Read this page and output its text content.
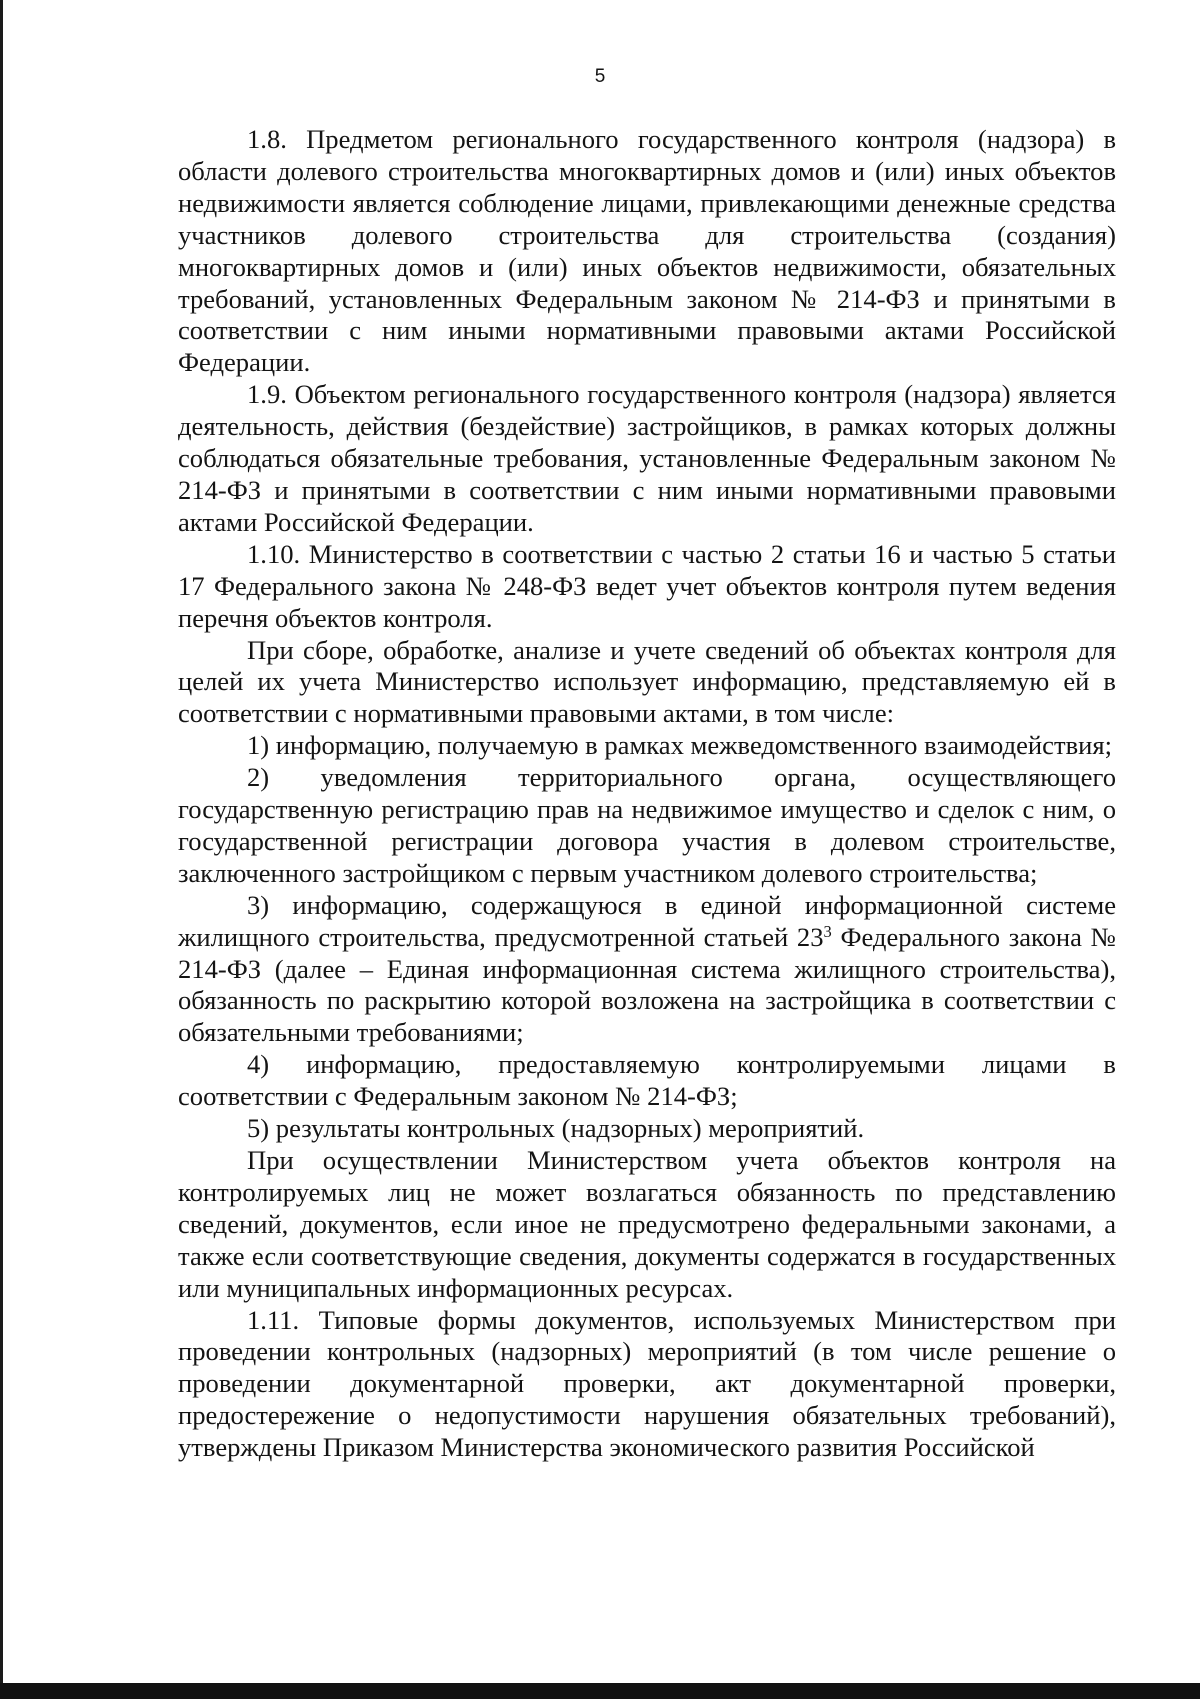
5

1.8. Предметом регионального государственного контроля (надзора) в области долевого строительства многоквартирных домов и (или) иных объектов недвижимости является соблюдение лицами, привлекающими денежные средства участников долевого строительства для строительства (создания) многоквартирных домов и (или) иных объектов недвижимости, обязательных требований, установленных Федеральным законом № 214-ФЗ и принятыми в соответствии с ним иными нормативными правовыми актами Российской Федерации.

1.9. Объектом регионального государственного контроля (надзора) является деятельность, действия (бездействие) застройщиков, в рамках которых должны соблюдаться обязательные требования, установленные Федеральным законом № 214-ФЗ и принятыми в соответствии с ним иными нормативными правовыми актами Российской Федерации.

1.10. Министерство в соответствии с частью 2 статьи 16 и частью 5 статьи 17 Федерального закона № 248-ФЗ ведет учет объектов контроля путем ведения перечня объектов контроля.

При сборе, обработке, анализе и учете сведений об объектах контроля для целей их учета Министерство использует информацию, представляемую ей в соответствии с нормативными правовыми актами, в том числе:

1) информацию, получаемую в рамках межведомственного взаимодействия;

2) уведомления территориального органа, осуществляющего государственную регистрацию прав на недвижимое имущество и сделок с ним, о государственной регистрации договора участия в долевом строительстве, заключенного застройщиком с первым участником долевого строительства;

3) информацию, содержащуюся в единой информационной системе жилищного строительства, предусмотренной статьей $23^3$ Федерального закона № 214-ФЗ (далее – Единая информационная система жилищного строительства), обязанность по раскрытию которой возложена на застройщика в соответствии с обязательными требованиями;

4) информацию, предоставляемую контролируемыми лицами в соответствии с Федеральным законом № 214-ФЗ;

5) результаты контрольных (надзорных) мероприятий.

При осуществлении Министерством учета объектов контроля на контролируемых лиц не может возлагаться обязанность по представлению сведений, документов, если иное не предусмотрено федеральными законами, а также если соответствующие сведения, документы содержатся в государственных или муниципальных информационных ресурсах.

1.11. Типовые формы документов, используемых Министерством при проведении контрольных (надзорных) мероприятий (в том числе решение о проведении документарной проверки, акт документарной проверки, предостережение о недопустимости нарушения обязательных требований), утверждены Приказом Министерства экономического развития Российской
